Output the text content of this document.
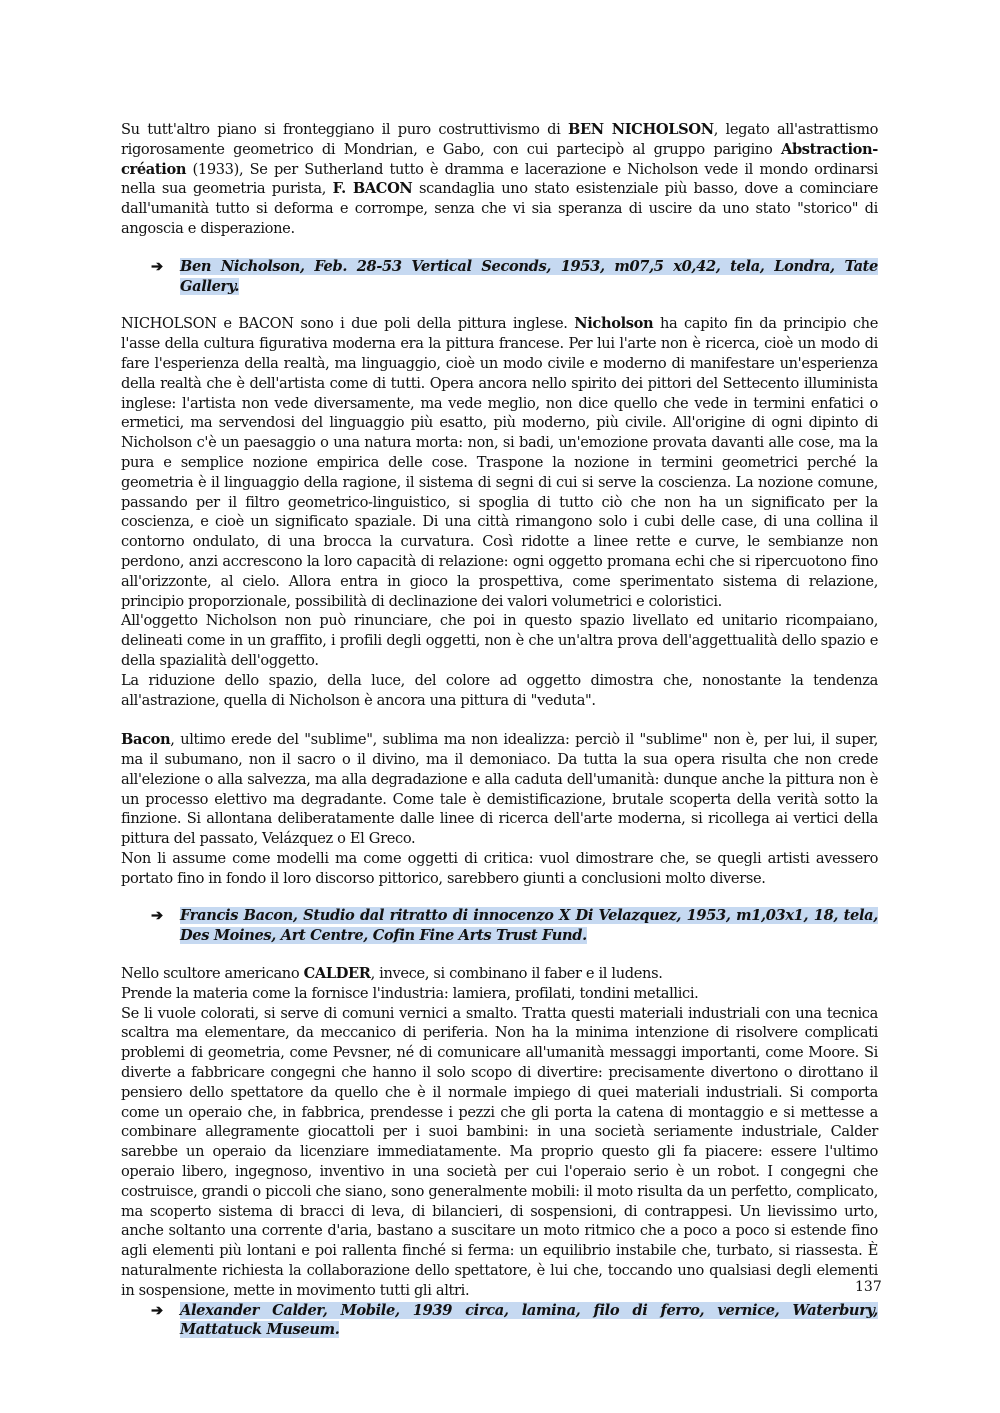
Su tutt'altro piano si fronteggiano il puro costruttivismo di BEN NICHOLSON, legato all'astrattismo rigorosamente geometrico di Mondrian, e Gabo, con cui partecipò al gruppo parigino Abstraction-création (1933), Se per Sutherland tutto è dramma e lacerazione e Nicholson vede il mondo ordinarsi nella sua geometria purista, F. BACON scandaglia uno stato esistenziale più basso, dove a cominciare dall'umanità tutto si deforma e corrompe, senza che vi sia speranza di uscire da uno stato "storico" di angoscia e disperazione.

➔ Ben Nicholson, Feb. 28-53 Vertical Seconds, 1953, m07,5 x0,42, tela, Londra, Tate Gallery.

NICHOLSON e BACON sono i due poli della pittura inglese. Nicholson ha capito fin da principio che l'asse della cultura figurativa moderna era la pittura francese. Per lui l'arte non è ricerca, cioè un modo di fare l'esperienza della realtà, ma linguaggio, cioè un modo civile e moderno di manifestare un'esperienza della realtà che è dell'artista come di tutti. Opera ancora nello spirito dei pittori del Settecento illuminista inglese: l'artista non vede diversamente, ma vede meglio, non dice quello che vede in termini enfatici o ermetici, ma servendosi del linguaggio più esatto, più moderno, più civile. All'origine di ogni dipinto di Nicholson c'è un paesaggio o una natura morta: non, si badi, un'emozione provata davanti alle cose, ma la pura e semplice nozione empirica delle cose. Traspone la nozione in termini geometrici perché la geometria è il linguaggio della ragione, il sistema di segni di cui si serve la coscienza. La nozione comune, passando per il filtro geometrico-linguistico, si spoglia di tutto ciò che non ha un significato per la coscienza, e cioè un significato spaziale. Di una città rimangono solo i cubi delle case, di una collina il contorno ondulato, di una brocca la curvatura. Così ridotte a linee rette e curve, le sembianze non perdono, anzi accrescono la loro capacità di relazione: ogni oggetto promana echi che si ripercuotono fino all'orizzonte, al cielo. Allora entra in gioco la prospettiva, come sperimentato sistema di relazione, principio proporzionale, possibilità di declinazione dei valori volumetrici e coloristici.

All'oggetto Nicholson non può rinunciare, che poi in questo spazio livellato ed unitario ricompaiano, delineati come in un graffito, i profili degli oggetti, non è che un'altra prova dell'aggettualità dello spazio e della spazialità dell'oggetto.

La riduzione dello spazio, della luce, del colore ad oggetto dimostra che, nonostante la tendenza all'astrazione, quella di Nicholson è ancora una pittura di "veduta".

Bacon, ultimo erede del "sublime", sublima ma non idealizza: perciò il "sublime" non è, per lui, il super, ma il subumano, non il sacro o il divino, ma il demoniaco. Da tutta la sua opera risulta che non crede all'elezione o alla salvezza, ma alla degradazione e alla caduta dell'umanità: dunque anche la pittura non è un processo elettivo ma degradante. Come tale è demistificazione, brutale scoperta della verità sotto la finzione. Si allontana deliberatamente dalle linee di ricerca dell'arte moderna, si ricollega ai vertici della pittura del passato, Velázquez o El Greco.

Non li assume come modelli ma come oggetti di critica: vuol dimostrare che, se quegli artisti avessero portato fino in fondo il loro discorso pittorico, sarebbero giunti a conclusioni molto diverse.

➔ Francis Bacon, Studio dal ritratto di innocenzo X Di Velazquez, 1953, m1,03x1, 18, tela, Des Moines, Art Centre, Cofin Fine Arts Trust Fund.

Nello scultore americano CALDER, invece, si combinano il faber e il ludens.

Prende la materia come la fornisce l'industria: lamiera, profilati, tondini metallici.

Se li vuole colorati, si serve di comuni vernici a smalto. Tratta questi materiali industriali con una tecnica scaltra ma elementare, da meccanico di periferia. Non ha la minima intenzione di risolvere complicati problemi di geometria, come Pevsner, né di comunicare all'umanità messaggi importanti, come Moore. Si diverte a fabbricare congegni che hanno il solo scopo di divertire: precisamente divertono o dirottano il pensiero dello spettatore da quello che è il normale impiego di quei materiali industriali. Si comporta come un operaio che, in fabbrica, prendesse i pezzi che gli porta la catena di montaggio e si mettesse a combinare allegramente giocattoli per i suoi bambini: in una società seriamente industriale, Calder sarebbe un operaio da licenziare immediatamente. Ma proprio questo gli fa piacere: essere l'ultimo operaio libero, ingegnoso, inventivo in una società per cui l'operaio serio è un robot. I congegni che costruisce, grandi o piccoli che siano, sono generalmente mobili: il moto risulta da un perfetto, complicato, ma scoperto sistema di bracci di leva, di bilancieri, di sospensioni, di contrappesi. Un lievissimo urto, anche soltanto una corrente d'aria, bastano a suscitare un moto ritmico che a poco a poco si estende fino agli elementi più lontani e poi rallenta finché si ferma: un equilibrio instabile che, turbato, si riassesta. È naturalmente richiesta la collaborazione dello spettatore, è lui che, toccando uno qualsiasi degli elementi in sospensione, mette in movimento tutti gli altri.

➔ Alexander Calder, Mobile, 1939 circa, lamina, filo di ferro, vernice, Waterbury, Mattatuck Museum.

137
